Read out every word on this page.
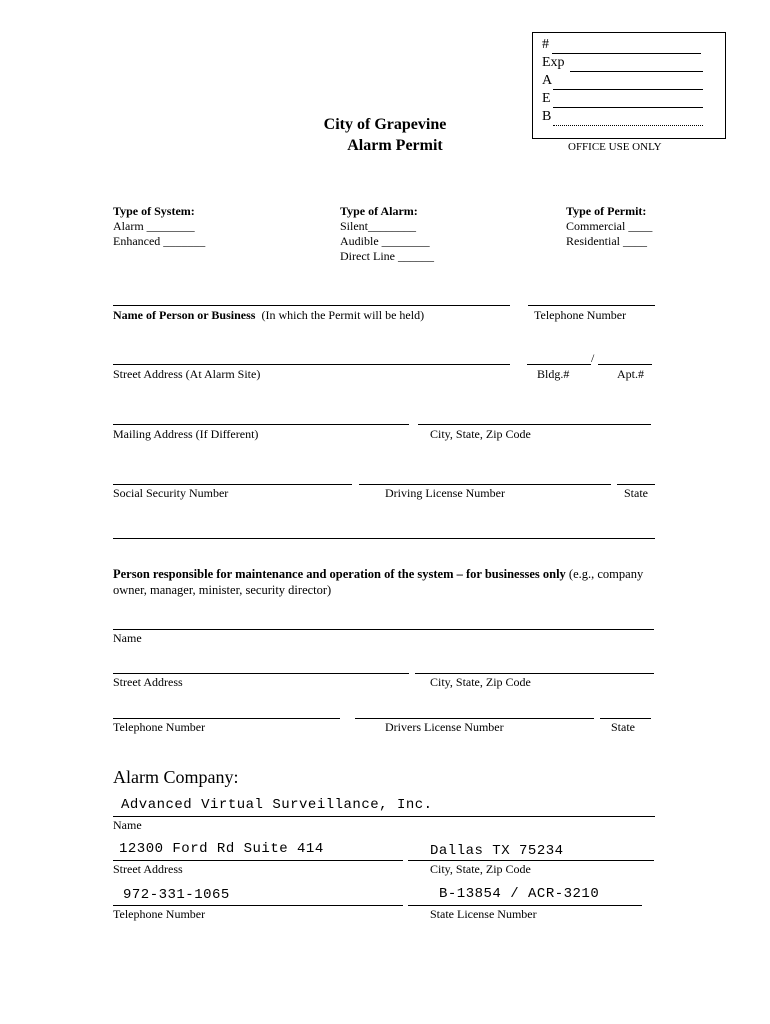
#
Exp
A
E
B
OFFICE USE ONLY
City of Grapevine
Alarm Permit
Type of System:
Alarm ________
Enhanced _______
Type of Alarm:
Silent________
Audible ________
Direct Line ______
Type of Permit:
Commercial ____
Residential ____
Name of Person or Business (In which the Permit will be held)	Telephone Number
/
Street Address (At Alarm Site)	Bldg.#	Apt.#
Mailing Address (If Different)	City, State, Zip Code
Social Security Number	Driving License Number	State
Person responsible for maintenance and operation of the system – for businesses only (e.g., company owner, manager, minister, security director)
Name
Street Address	City, State, Zip Code
Telephone Number	Drivers License Number	State
Alarm Company:
Advanced Virtual Surveillance, Inc.
Name
12300 Ford Rd Suite 414	Dallas TX 75234
Street Address	City, State, Zip Code
972-331-1065	B-13854 / ACR-3210
Telephone Number	State License Number
